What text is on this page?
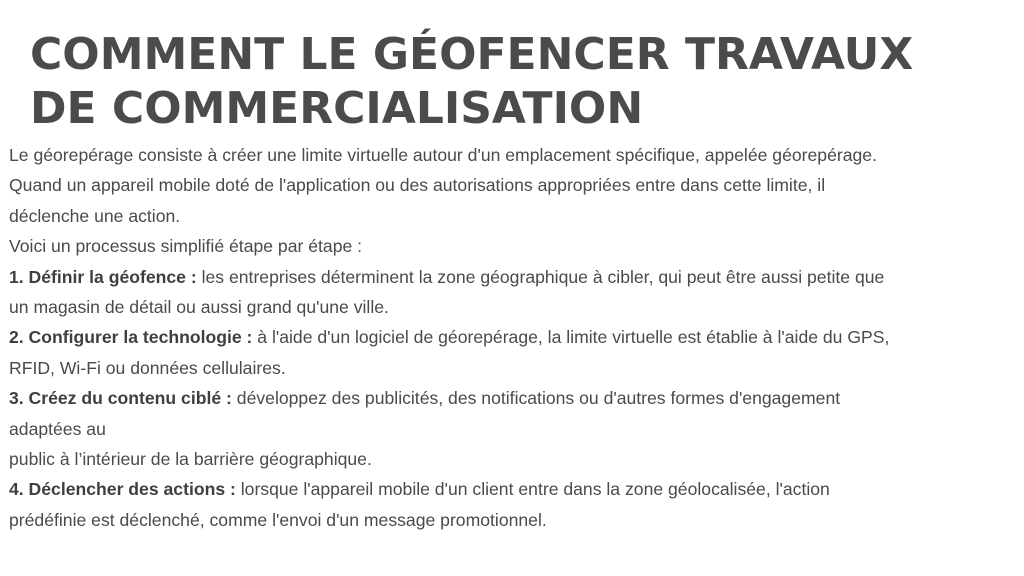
COMMENT LE GÉOFENCER TRAVAUX
DE COMMERCIALISATION
Le géorepérage consiste à créer une limite virtuelle autour d'un emplacement spécifique, appelée géorepérage.
Quand un appareil mobile doté de l'application ou des autorisations appropriées entre dans cette limite, il
déclenche une action.
Voici un processus simplifié étape par étape :
1. Définir la géofence : les entreprises déterminent la zone géographique à cibler, qui peut être aussi petite que
un magasin de détail ou aussi grand qu'une ville.
2. Configurer la technologie : à l'aide d'un logiciel de géorepérage, la limite virtuelle est établie à l'aide du GPS,
RFID, Wi-Fi ou données cellulaires.
3. Créez du contenu ciblé : développez des publicités, des notifications ou d'autres formes d'engagement
adaptées au
public à l’intérieur de la barrière géographique.
4. Déclencher des actions : lorsque l'appareil mobile d'un client entre dans la zone géolocalisée, l'action
prédéfinie est déclenché, comme l'envoi d'un message promotionnel.
